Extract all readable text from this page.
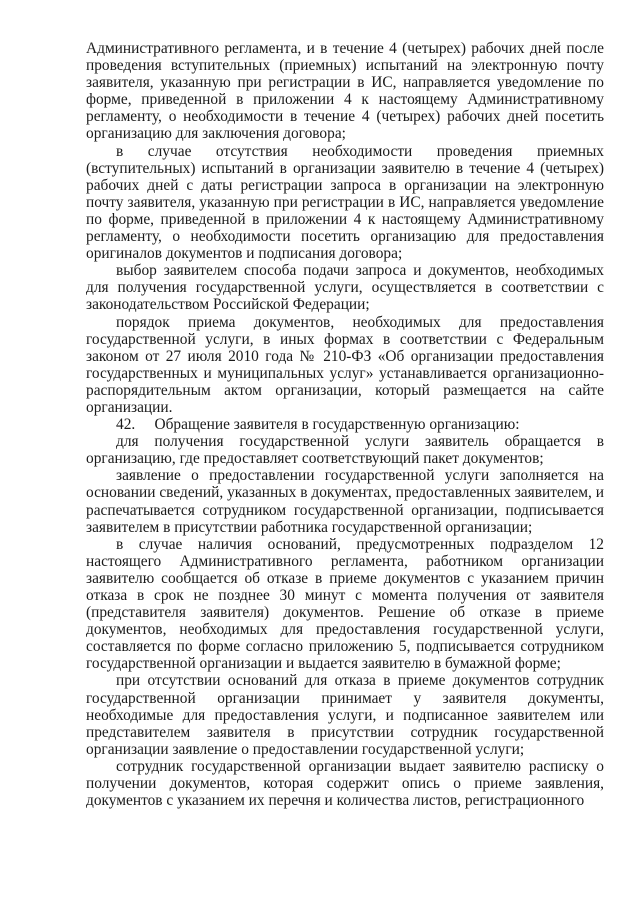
Административного регламента, и в течение 4 (четырех) рабочих дней после проведения вступительных (приемных) испытаний на электронную почту заявителя, указанную при регистрации в ИС, направляется уведомление по форме, приведенной в приложении 4 к настоящему Административному регламенту, о необходимости в течение 4 (четырех) рабочих дней посетить организацию для заключения договора;

в случае отсутствия необходимости проведения приемных (вступительных) испытаний в организации заявителю в течение 4 (четырех) рабочих дней с даты регистрации запроса в организации на электронную почту заявителя, указанную при регистрации в ИС, направляется уведомление по форме, приведенной в приложении 4 к настоящему Административному регламенту, о необходимости посетить организацию для предоставления оригиналов документов и подписания договора;

выбор заявителем способа подачи запроса и документов, необходимых для получения государственной услуги, осуществляется в соответствии с законодательством Российской Федерации;

порядок приема документов, необходимых для предоставления государственной услуги, в иных формах в соответствии с Федеральным законом от 27 июля 2010 года № 210-ФЗ «Об организации предоставления государственных и муниципальных услуг» устанавливается организационно-распорядительным актом организации, который размещается на сайте организации.

42.     Обращение заявителя в государственную организацию:

для получения государственной услуги заявитель обращается в организацию, где предоставляет соответствующий пакет документов;

заявление о предоставлении государственной услуги заполняется на основании сведений, указанных в документах, предоставленных заявителем, и распечатывается сотрудником государственной организации, подписывается заявителем в присутствии работника государственной организации;

в случае наличия оснований, предусмотренных подразделом 12 настоящего Административного регламента, работником организации заявителю сообщается об отказе в приеме документов с указанием причин отказа в срок не позднее 30 минут с момента получения от заявителя (представителя заявителя) документов. Решение об отказе в приеме документов, необходимых для предоставления государственной услуги, составляется по форме согласно приложению 5, подписывается сотрудником государственной организации и выдается заявителю в бумажной форме;

при отсутствии оснований для отказа в приеме документов сотрудник государственной организации принимает у заявителя документы, необходимые для предоставления услуги, и подписанное заявителем или представителем заявителя в присутствии сотрудник государственной организации заявление о предоставлении государственной услуги;

сотрудник государственной организации выдает заявителю расписку о получении документов, которая содержит опись о приеме заявления, документов с указанием их перечня и количества листов, регистрационного
